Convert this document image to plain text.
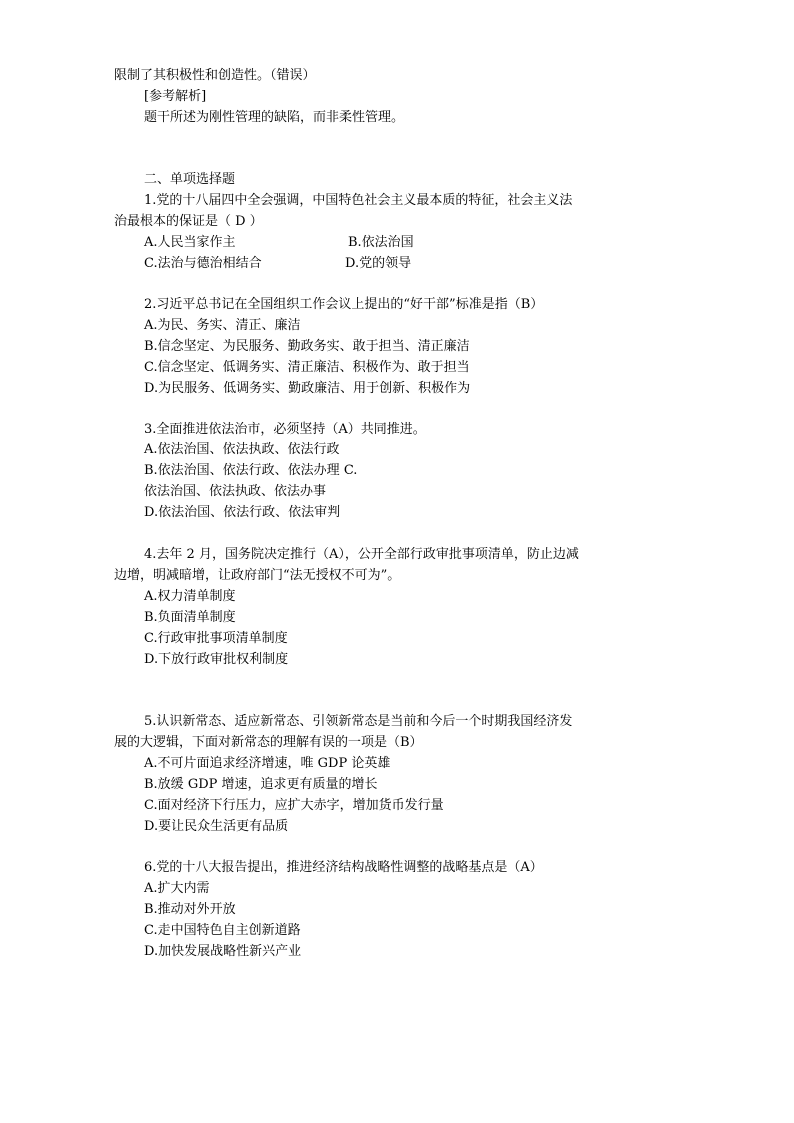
限制了其积极性和创造性。（错误）
[参考解析]
题干所述为刚性管理的缺陷，而非柔性管理。
二、单项选择题
1.党的十八届四中全会强调，中国特色社会主义最本质的特征，社会主义法
治最根本的保证是（ D ）
A.人民当家作主	B.依法治国
C.法治与德治相结合	D.党的领导
2.习近平总书记在全国组织工作会议上提出的“好干部”标准是指（B）
A.为民、务实、清正、廉洁
B.信念坚定、为民服务、勤政务实、敢于担当、清正廉洁
C.信念坚定、低调务实、清正廉洁、积极作为、敢于担当
D.为民服务、低调务实、勤政廉洁、用于创新、积极作为
3.全面推进依法治市，必须坚持（A）共同推进。
A.依法治国、依法执政、依法行政
B.依法治国、依法行政、依法办理 C.
依法治国、依法执政、依法办事
D.依法治国、依法行政、依法审判
4.去年 2 月，国务院决定推行（A），公开全部行政审批事项清单，防止边减
边增，明减暗增，让政府部门“法无授权不可为”。
A.权力清单制度
B.负面清单制度
C.行政审批事项清单制度
D.下放行政审批权利制度
5.认识新常态、适应新常态、引领新常态是当前和今后一个时期我国经济发
展的大逻辑，下面对新常态的理解有误的一项是（B）
A.不可片面追求经济增速，唯 GDP 论英雄
B.放缓 GDP 增速，追求更有质量的增长
C.面对经济下行压力，应扩大赤字，增加货币发行量
D.要让民众生活更有品质
6.党的十八大报告提出，推进经济结构战略性调整的战略基点是（A）
A.扩大内需
B.推动对外开放
C.走中国特色自主创新道路
D.加快发展战略性新兴产业
